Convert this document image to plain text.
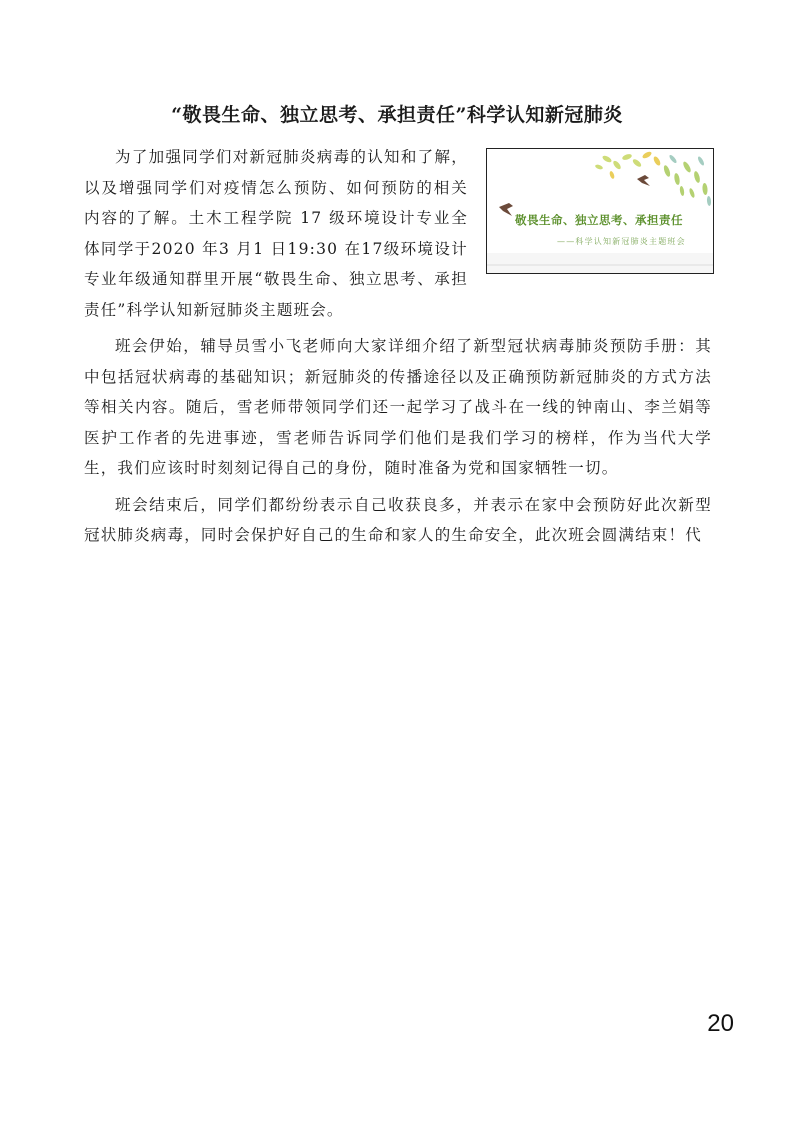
“敬畏生命、独立思考、承担责任”科学认知新冠肺炎
敬畏生命、独立思考、承担责任
——科学认知新冠肺炎主题班会

为了加强同学们对新冠肺炎病毒的认知和了解，以及增强同学们对疫情怎么预防、如何预防的相关内容的了解。土木工程学院 17 级环境设计专业全体同学于2020 年3 月1 日19:30 在17级环境设计专业年级通知群里开展“敬畏生命、独立思考、承担责任”科学认知新冠肺炎主题班会。

班会伊始，辅导员雪小飞老师向大家详细介绍了新型冠状病毒肺炎预防手册：其中包括冠状病毒的基础知识；新冠肺炎的传播途径以及正确预防新冠肺炎的方式方法等相关内容。随后，雪老师带领同学们还一起学习了战斗在一线的钟南山、李兰娟等医护工作者的先进事迹，雪老师告诉同学们他们是我们学习的榜样，作为当代大学生，我们应该时时刻刻记得自己的身份，随时准备为党和国家牺牲一切。

班会结束后，同学们都纷纷表示自己收获良多，并表示在家中会预防好此次新型冠状肺炎病毒，同时会保护好自己的生命和家人的生命安全，此次班会圆满结束！代

20
